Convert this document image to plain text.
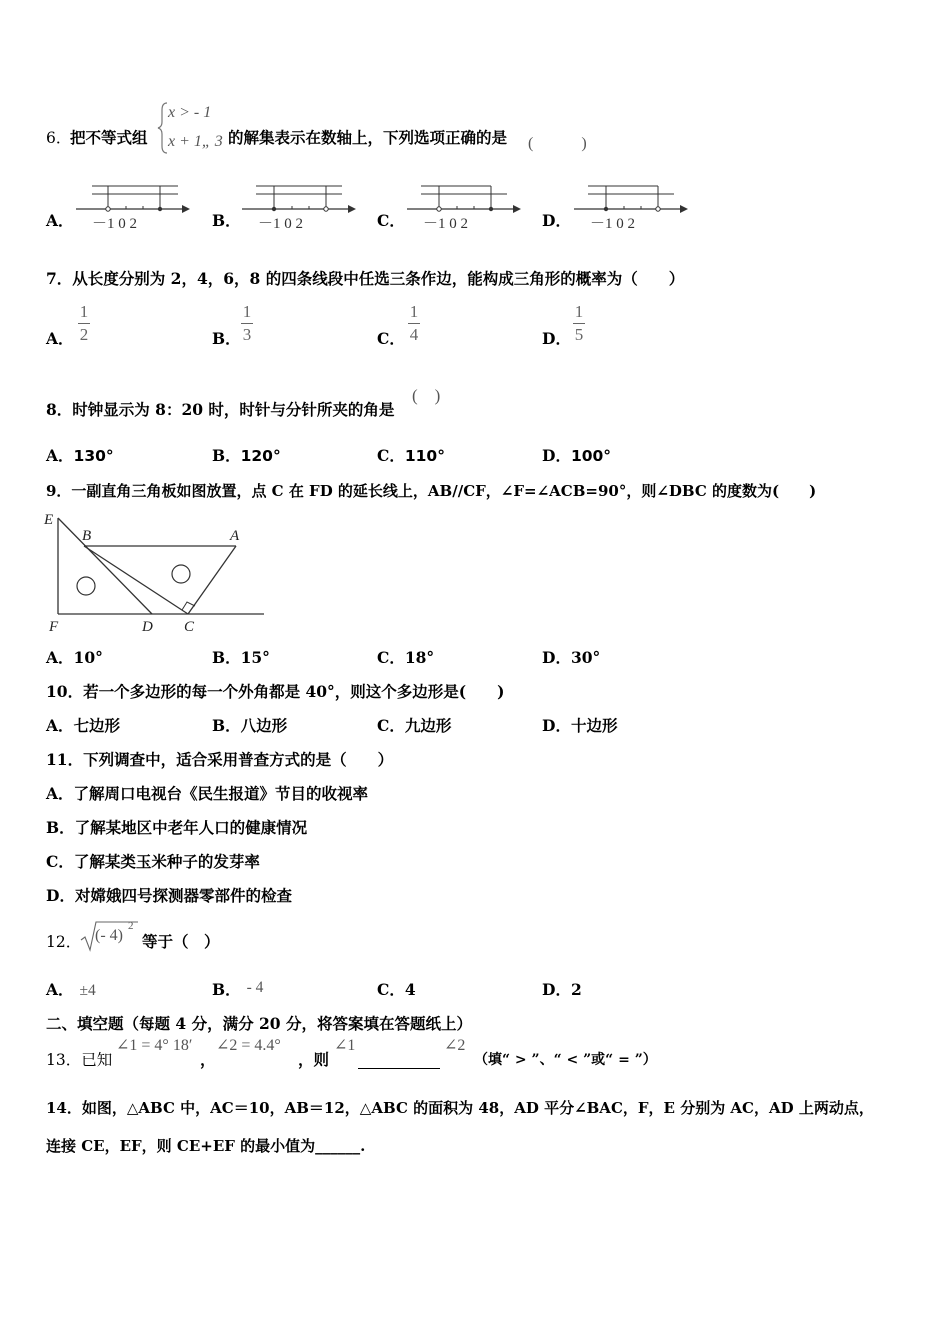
6．
把不等式组
x > - 1
x + 1„ 3 的解集表示在数轴上，下列选项正确的是 (　　　)
A．	B．	C．	D．
－1 0 2	－1 0 2	－1 0 2	－1 0 2
7．从长度分别为 2，4，6，8 的四条线段中任选三条作边，能构成三角形的概率为（　　）
A．
1
2	B．
1
3	C．
1
4	D．
1
5
8．时钟显示为 8：20 时，时针与分针所夹的角是
(　)
A．130°	B．120°	C．110°	D．100°
9．一副直角三角板如图放置，点 C 在 FD 的延长线上，AB//CF，∠F=∠ACB=90°，则∠DBC 的度数为(　　)
E
B	A
F	D C
A．10°	B．15°	C．18°	D．30°
10．若一个多边形的每一个外角都是 40°，则这个多边形是(　　)
A．七边形	B．八边形	C．九边形	D．十边形
11．下列调查中，适合采用普查方式的是（　　）
A．了解周口电视台《民生报道》节目的收视率
B．了解某地区中老年人口的健康情况
C．了解某类玉米种子的发芽率
D．对嫦娥四号探测器零部件的检查
12． (- 4)
2
等于（　）
A． ±4	B． - 4	C．4	D．2
二、填空题（每题 4 分，满分 20 分，将答案填在答题纸上）
13．已知
∠1 = 4° 18′
，
∠2 = 4.4°
，则
∠1	∠2
（填“ > ”、“ < ”或“ = ”）
14．如图，△ABC 中，AC＝10，AB＝12，△ABC 的面积为 48，AD 平分∠BAC，F，E 分别为 AC，AD 上两动点，
连接 CE，EF，则 CE+EF 的最小值为______.
